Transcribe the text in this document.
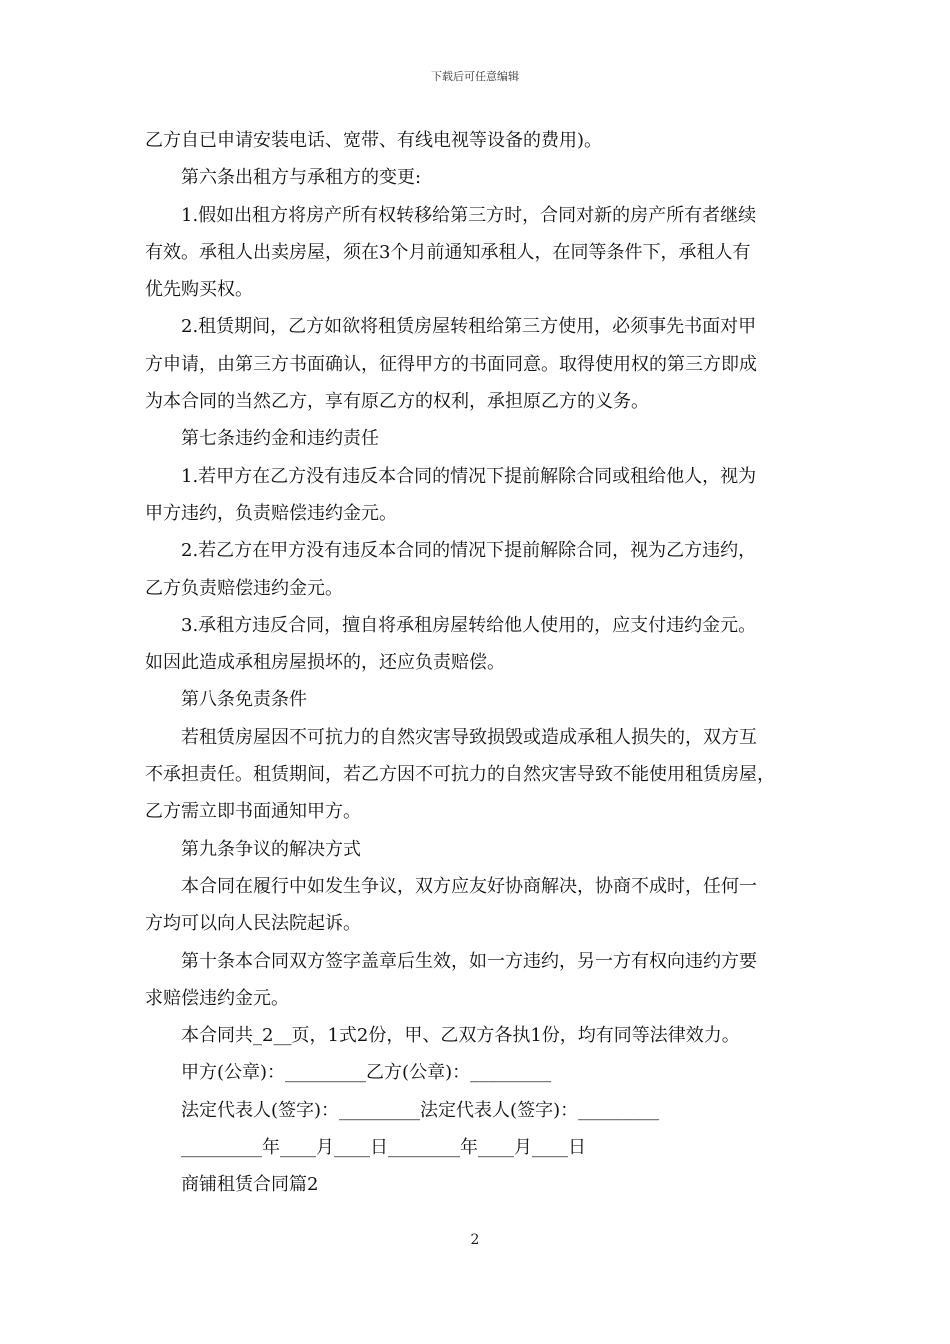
下载后可任意编辑
乙方自已申请安装电话、宽带、有线电视等设备的费用)。
第六条出租方与承租方的变更:
1.假如出租方将房产所有权转移给第三方时，合同对新的房产所有者继续
有效。承租人出卖房屋，须在3个月前通知承租人，在同等条件下，承租人有
优先购买权。
2.租赁期间，乙方如欲将租赁房屋转租给第三方使用，必须事先书面对甲
方申请，由第三方书面确认，征得甲方的书面同意。取得使用权的第三方即成
为本合同的当然乙方，享有原乙方的权利，承担原乙方的义务。
第七条违约金和违约责任
1.若甲方在乙方没有违反本合同的情况下提前解除合同或租给他人，视为
甲方违约，负责赔偿违约金元。
2.若乙方在甲方没有违反本合同的情况下提前解除合同，视为乙方违约，
乙方负责赔偿违约金元。
3.承租方违反合同，擅自将承租房屋转给他人使用的，应支付违约金元。
如因此造成承租房屋损坏的，还应负责赔偿。
第八条免责条件
若租赁房屋因不可抗力的自然灾害导致损毁或造成承租人损失的，双方互
不承担责任。租赁期间，若乙方因不可抗力的自然灾害导致不能使用租赁房屋，
乙方需立即书面通知甲方。
第九条争议的解决方式
本合同在履行中如发生争议，双方应友好协商解决，协商不成时，任何一
方均可以向人民法院起诉。
第十条本合同双方签字盖章后生效，如一方违约，另一方有权向违约方要
求赔偿违约金元。
本合同共_2__页，1式2份，甲、乙双方各执1份，均有同等法律效力。
甲方(公章)：_________乙方(公章)：_________
法定代表人(签字)：_________法定代表人(签字)：_________
_________年____月____日________年____月____日
商铺租赁合同篇2
2
